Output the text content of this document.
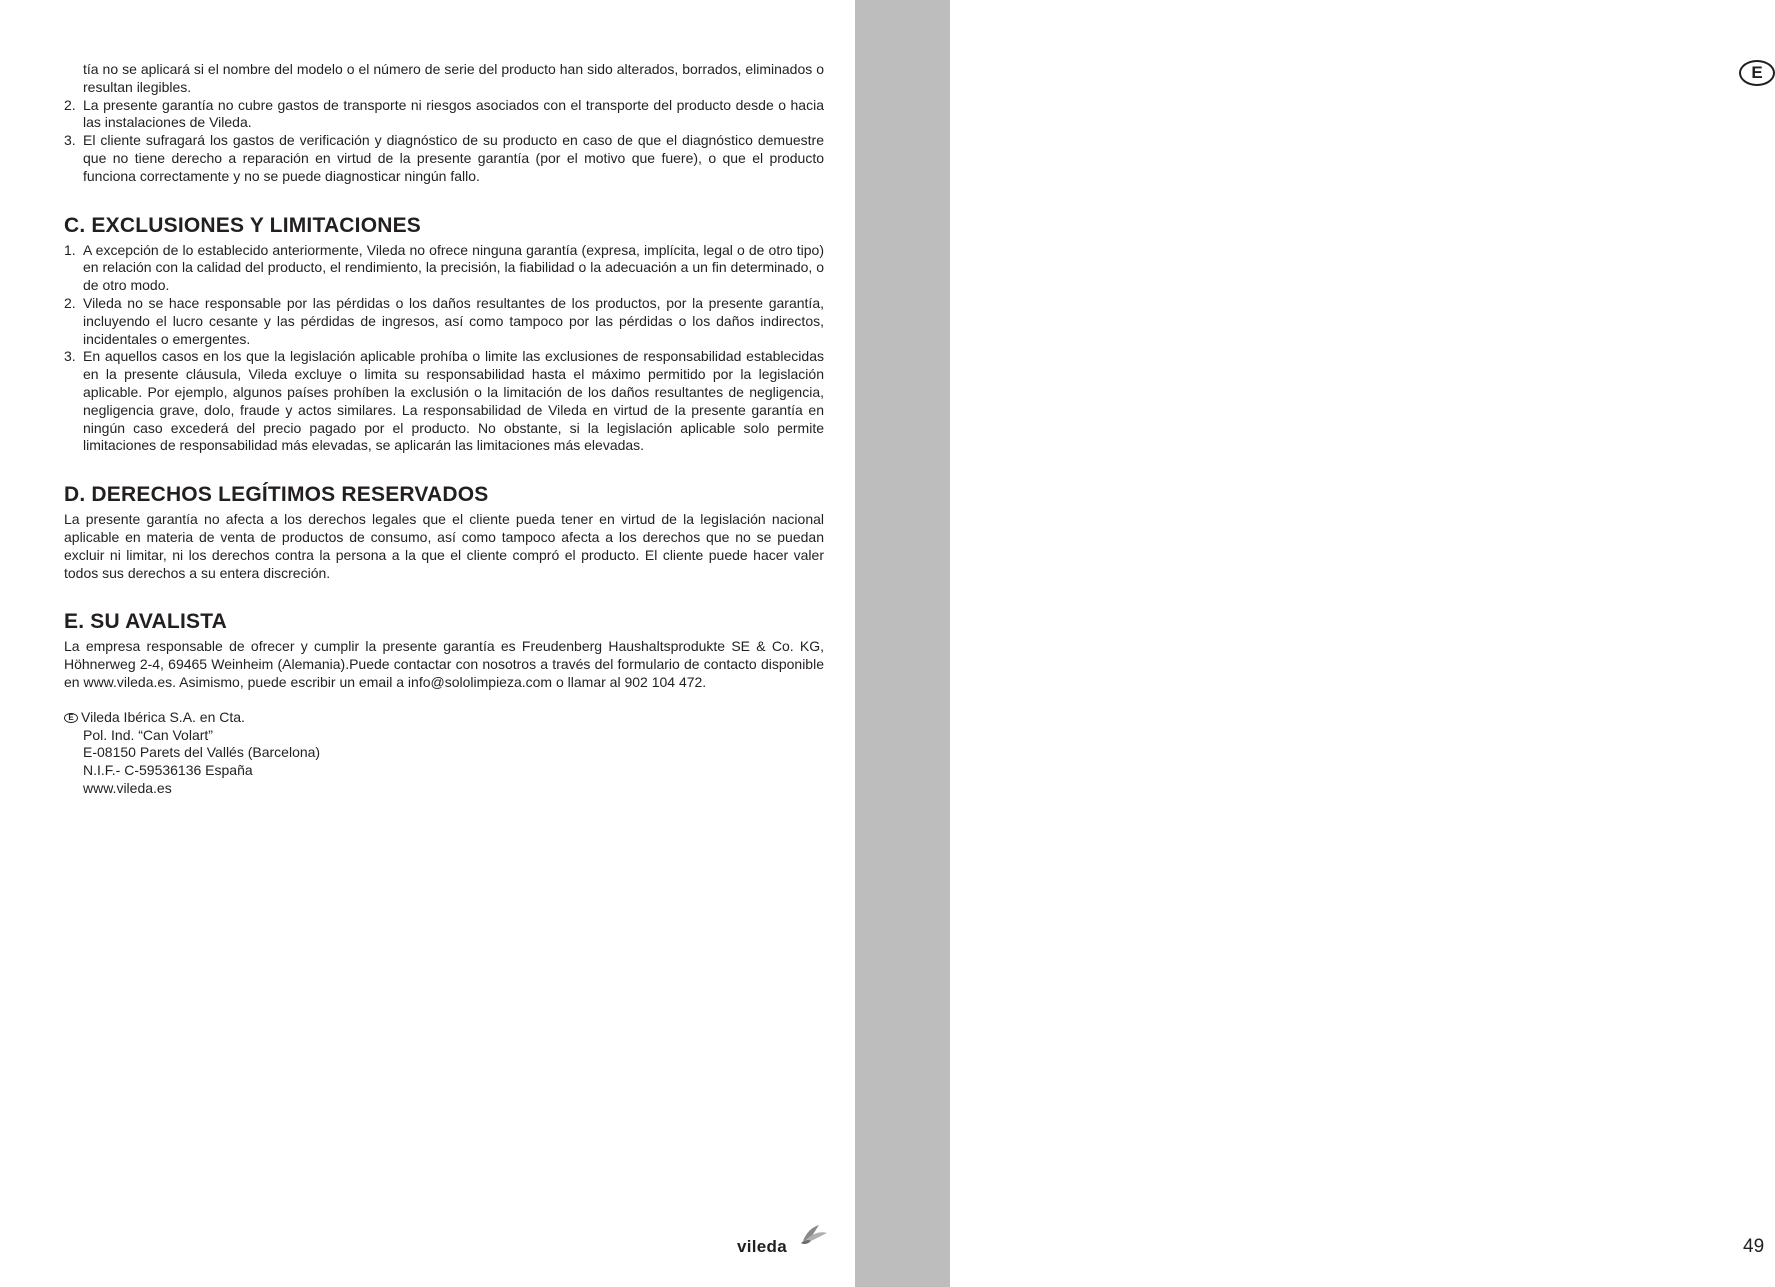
E
49

tía no se aplicará si el nombre del modelo o el número de serie del producto han sido alterados, borrados, eliminados o resultan ilegibles.

2. La presente garantía no cubre gastos de transporte ni riesgos asociados con el transporte del producto desde o hacia las instalaciones de Vileda.
3. El cliente sufragará los gastos de verificación y diagnóstico de su producto en caso de que el diagnóstico demuestre que no tiene derecho a reparación en virtud de la presente garantía (por el motivo que fuere), o que el producto funciona correctamente y no se puede diagnosticar ningún fallo.
C. EXCLUSIONES Y LIMITACIONES
1. A excepción de lo establecido anteriormente, Vileda no ofrece ninguna garantía (expresa, implícita, legal o de otro tipo) en relación con la calidad del producto, el rendimiento, la precisión, la fiabilidad o la adecuación a un fin determinado, o de otro modo.
2. Vileda no se hace responsable por las pérdidas o los daños resultantes de los productos, por la presente garantía, incluyendo el lucro cesante y las pérdidas de ingresos, así como tampoco por las pérdidas o los daños indirectos, incidentales o emergentes.
3. En aquellos casos en los que la legislación aplicable prohíba o limite las exclusiones de responsabilidad establecidas en la presente cláusula, Vileda excluye o limita su responsabilidad hasta el máximo permitido por la legislación aplicable. Por ejemplo, algunos países prohíben la exclusión o la limitación de los daños resultantes de negligencia, negligencia grave, dolo, fraude y actos similares. La responsabilidad de Vileda en virtud de la presente garantía en ningún caso excederá del precio pagado por el producto. No obstante, si la legislación aplicable solo permite limitaciones de responsabilidad más elevadas, se aplicarán las limitaciones más elevadas.
D. DERECHOS LEGÍTIMOS RESERVADOS

La presente garantía no afecta a los derechos legales que el cliente pueda tener en virtud de la legislación nacional aplicable en materia de venta de productos de consumo, así como tampoco afecta a los derechos que no se puedan excluir ni limitar, ni los derechos contra la persona a la que el cliente compró el producto. El cliente puede hacer valer todos sus derechos a su entera discreción.

E. SU AVALISTA

La empresa responsable de ofrecer y cumplir la presente garantía es Freudenberg Haushaltsprodukte SE & Co. KG, Höhnerweg 2-4, 69465 Weinheim (Alemania).Puede contactar con nosotros a través del formulario de contacto disponible en www.vileda.es. Asimismo, puede escribir un email a info@sololimpieza.com o llamar al 902 104 472.

E Vileda Ibérica S.A. en Cta.
Pol. Ind. “Can Volart”
E-08150 Parets del Vallés (Barcelona)
N.I.F.- C-59536136 España
www.vileda.es
vileda
